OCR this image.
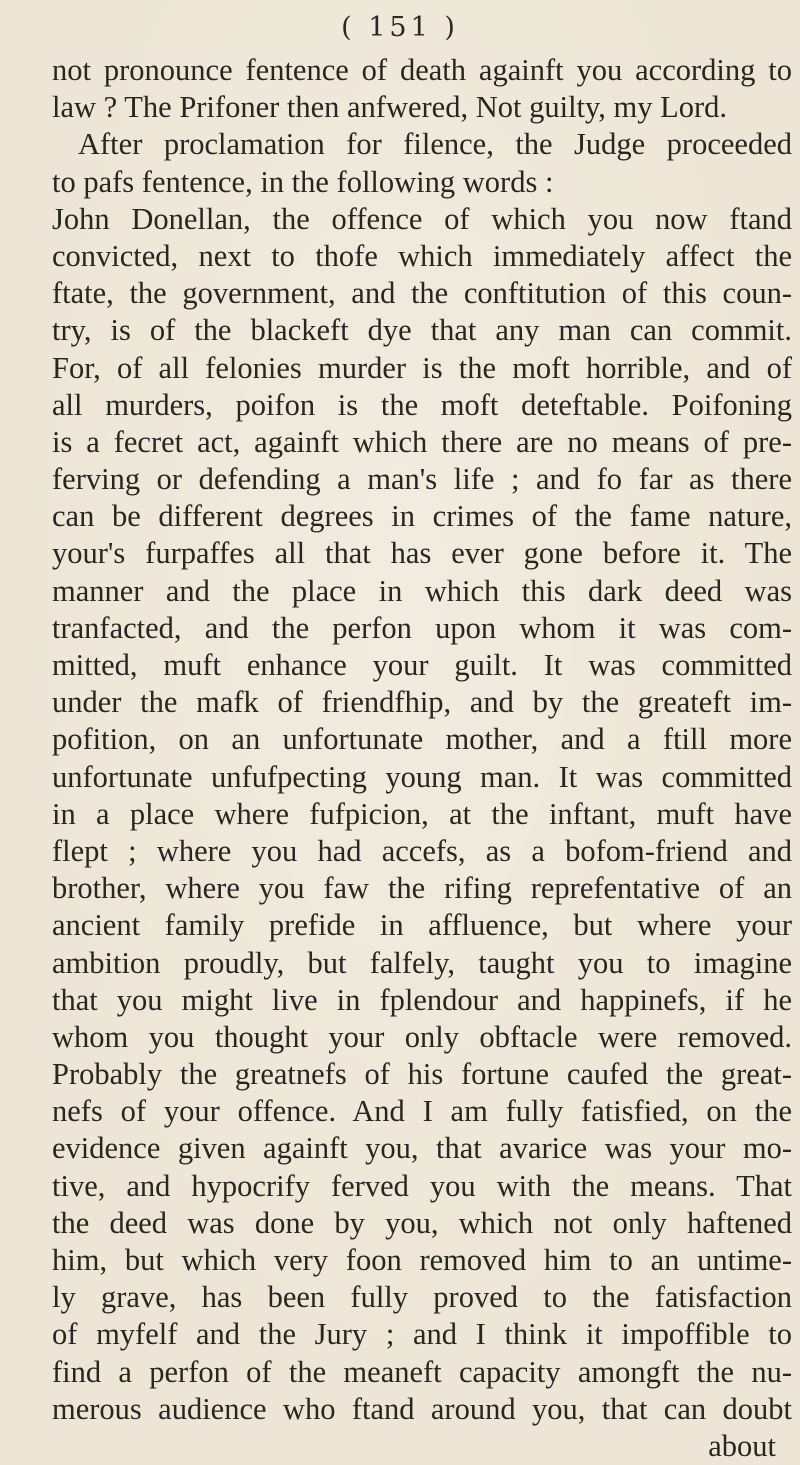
( 151 )
not pronounce fentence of death againft you according to
law ? The Prifoner then anfwered, Not guilty, my Lord.
After proclamation for filence, the Judge proceeded
to pafs fentence, in the following words :
John Donellan, the offence of which you now ftand
convicted, next to thofe which immediately affect the
ftate, the government, and the conftitution of this coun-
try, is of the blackeft dye that any man can commit.
For, of all felonies murder is the moft horrible, and of
all murders, poifon is the moft deteftable. Poifoning
is a fecret act, againft which there are no means of pre-
ferving or defending a man's life ; and fo far as there
can be different degrees in crimes of the fame nature,
your's furpaffes all that has ever gone before it. The
manner and the place in which this dark deed was
tranfacted, and the perfon upon whom it was com-
mitted, muft enhance your guilt. It was committed
under the mafk of friendfhip, and by the greateft im-
pofition, on an unfortunate mother, and a ftill more
unfortunate unfufpecting young man. It was committed
in a place where fufpicion, at the inftant, muft have
flept ; where you had accefs, as a bofom-friend and
brother, where you faw the rifing reprefentative of an
ancient family prefide in affluence, but where your
ambition proudly, but falfely, taught you to imagine
that you might live in fplendour and happinefs, if he
whom you thought your only obftacle were removed.
Probably the greatnefs of his fortune caufed the great-
nefs of your offence. And I am fully fatisfied, on the
evidence given againft you, that avarice was your mo-
tive, and hypocrify ferved you with the means. That
the deed was done by you, which not only haftened
him, but which very foon removed him to an untime-
ly grave, has been fully proved to the fatisfaction
of myfelf and the Jury ; and I think it impoffible to
find a perfon of the meaneft capacity amongft the nu-
merous audience who ftand around you, that can doubt
about
